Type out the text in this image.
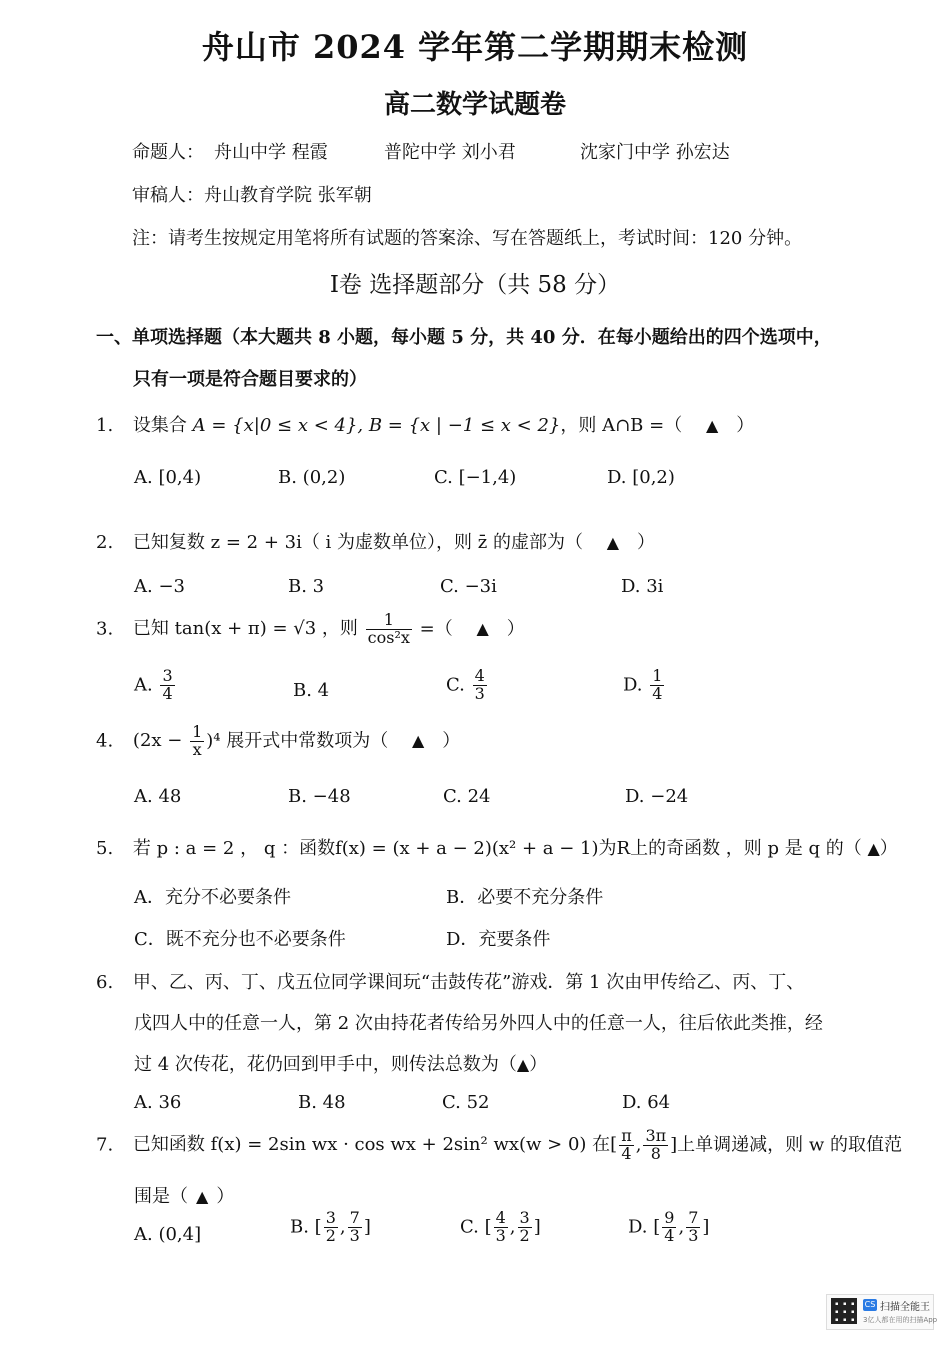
舟山市 2024 学年第二学期期末检测
高二数学试题卷
命题人： 舟山中学 程霞	普陀中学 刘小君	沈家门中学 孙宏达
审稿人：舟山教育学院 张军朝
注：请考生按规定用笔将所有试题的答案涂、写在答题纸上，考试时间：120 分钟。
Ⅰ卷 选择题部分（共 58 分）
一、单项选择题（本大题共 8 小题，每小题 5 分，共 40 分．在每小题给出的四个选项中，
只有一项是符合题目要求的）
1. 设集合 A = {x|0 ≤ x < 4}, B = {x | −1 ≤ x < 2}，则 A∩B =（ ▲ ）
A. [0,4)	B. (0,2)	C. [−1,4)	D. [0,2)
2. 已知复数 z = 2 + 3i（ i 为虚数单位），则 z̄ 的虚部为（ ▲ ）
A. −3	B. 3	C. −3i	D. 3i
3. 已知 tan(x + π) = √3 ，则 $\frac{1}{\text{cos²x}}$ =（ ▲ ）
A. $\frac{3}{4}$	B. 4	C. $\frac{4}{3}$	D. $\frac{1}{4}$
4. $(2x - \frac{1}{x} )^4$ 展开式中常数项为（ ▲ ）
A. 48	B. −48	C. 24	D. −24
5. 若 p : a = 2 ， q ：函数f(x) = (x + a − 2)(x² + a − 1)为R上的奇函数 ，则 p 是 q 的（ ▲）
A．充分不必要条件	B．必要不充分条件
C．既不充分也不必要条件	D．充要条件
6. 甲、乙、丙、丁、戊五位同学课间玩“击鼓传花”游戏．第 1 次由甲传给乙、丙、丁、
戊四人中的任意一人，第 2 次由持花者传给另外四人中的任意一人，往后依此类推，经
过 4 次传花，花仍回到甲手中，则传法总数为（▲）
A. 36	B. 48	C. 52	D. 64
7. 已知函数 f(x) = 2sin wx · cos wx + 2sin² wx(w > 0) 在[ $\frac{\pi}{4}$ , $\frac{3\pi}{8}$ ]上单调递减，则 w 的取值范
围是（ ▲ ）
A. (0,4]	B. [ $\frac{3}{2}$ , $\frac{7}{3}$ ]	C. [ $\frac{4}{3}$ , $\frac{3}{2}$ ]	D. [ $\frac{9}{4}$ , $\frac{7}{3}$ ]
CS 扫描全能王
3亿人都在用的扫描App
